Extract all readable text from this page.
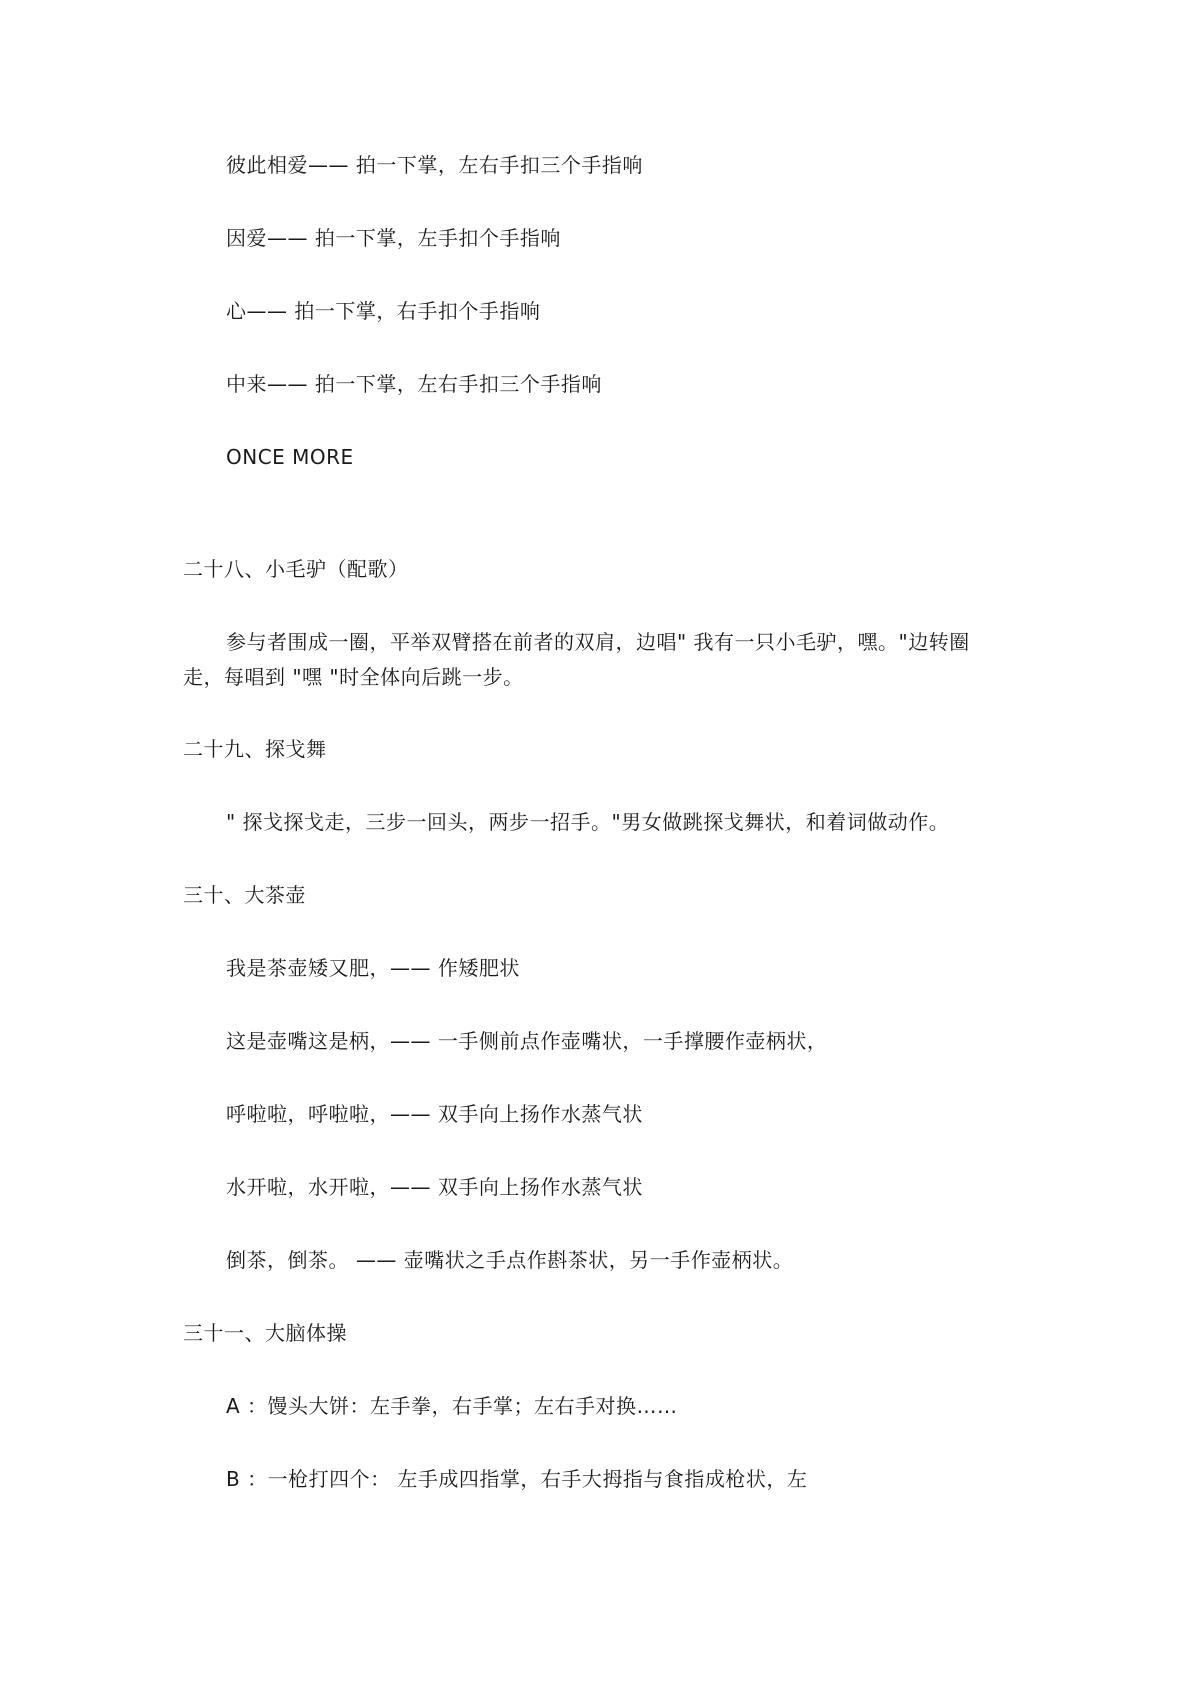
彼此相爱—— 拍一下掌，左右手扣三个手指响
因爱—— 拍一下掌，左手扣个手指响
心—— 拍一下掌，右手扣个手指响
中来—— 拍一下掌，左右手扣三个手指响
ONCE MORE
二十八、小毛驴（配歌）
参与者围成一圈，平举双臂搭在前者的双肩，边唱" 我有一只小毛驴，嘿。"边转圈
走，每唱到 "嘿 "时全体向后跳一步。
二十九、探戈舞
" 探戈探戈走，三步一回头，两步一招手。"男女做跳探戈舞状，和着词做动作。
三十、大茶壶
我是茶壶矮又肥，—— 作矮肥状
这是壶嘴这是柄，—— 一手侧前点作壶嘴状，一手撑腰作壶柄状，
呼啦啦，呼啦啦，—— 双手向上扬作水蒸气状
水开啦，水开啦，—— 双手向上扬作水蒸气状
倒茶，倒茶。 —— 壶嘴状之手点作斟茶状，另一手作壶柄状。
三十一、大脑体操
A ：馒头大饼：左手拳，右手掌；左右手对换……
B ：一枪打四个： 左手成四指掌，右手大拇指与食指成枪状，左
